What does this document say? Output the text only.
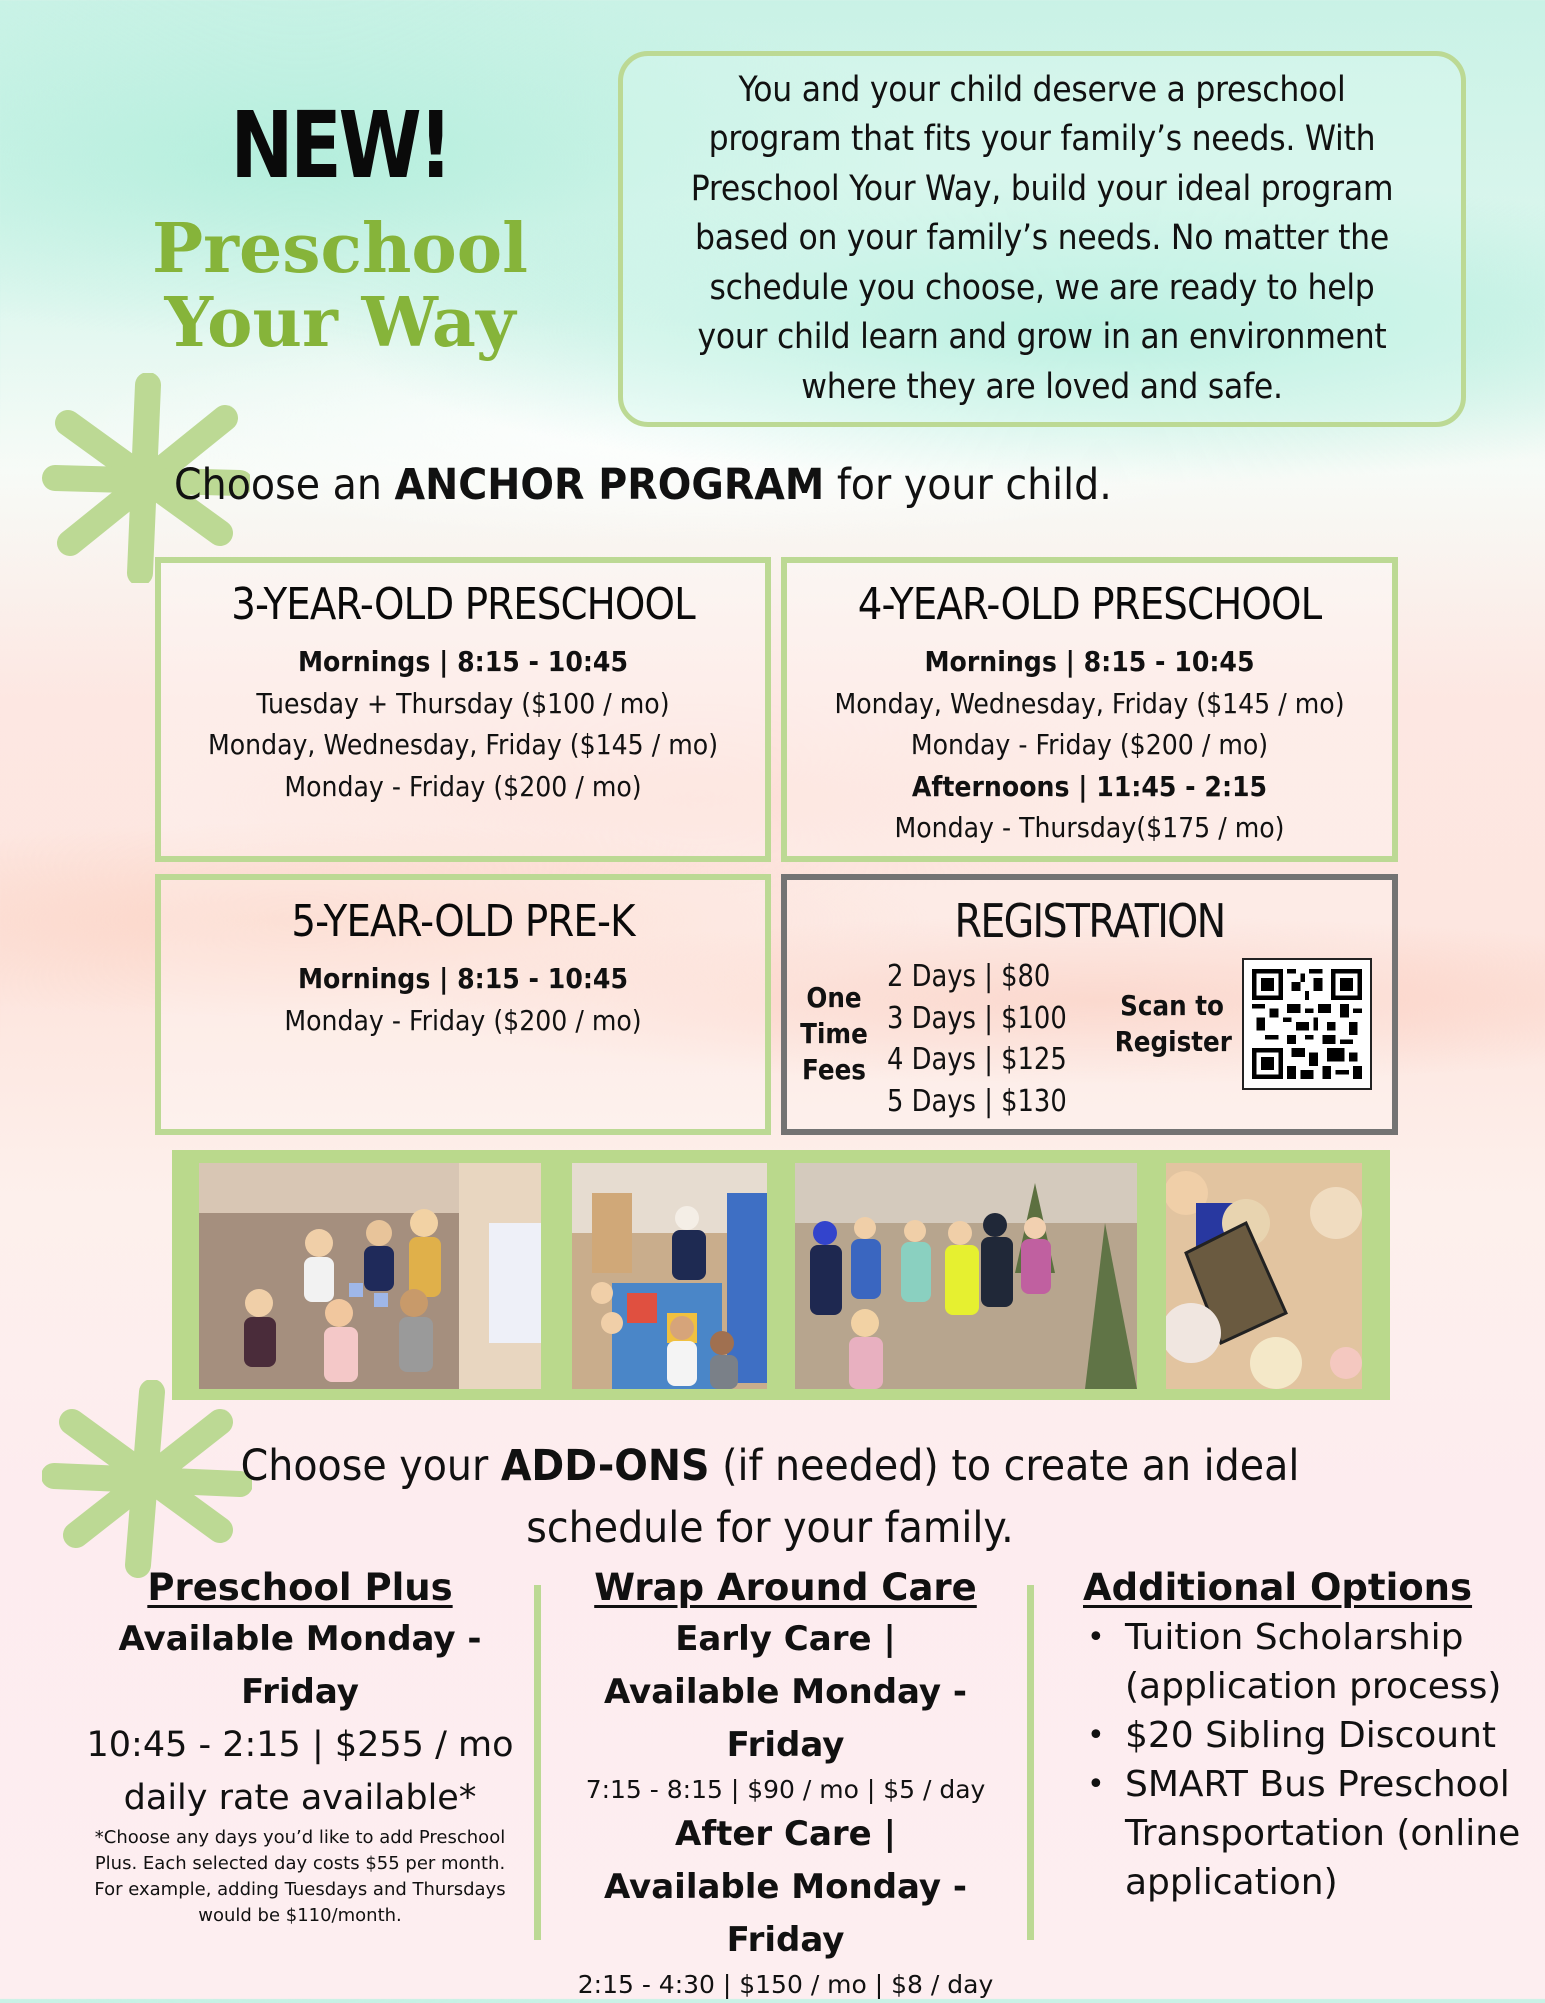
NEW!
Preschool
Your Way
You and your child deserve a preschool program that fits your family’s needs. With Preschool Your Way, build your ideal program based on your family’s needs. No matter the schedule you choose, we are ready to help your child learn and grow in an environment where they are loved and safe.
Choose an ANCHOR PROGRAM for your child.
3-YEAR-OLD PRESCHOOL
Mornings | 8:15 - 10:45
Tuesday + Thursday ($100 / mo)
Monday, Wednesday, Friday ($145 / mo)
Monday - Friday ($200 / mo)
4-YEAR-OLD PRESCHOOL
Mornings | 8:15 - 10:45
Monday, Wednesday, Friday ($145 / mo)
Monday - Friday ($200 / mo)
Afternoons | 11:45 - 2:15
Monday - Thursday($175 / mo)
5-YEAR-OLD PRE-K
Mornings | 8:15 - 10:45
Monday - Friday ($200 / mo)
REGISTRATION
One Time Fees
2 Days | $80
3 Days | $100
4 Days | $125
5 Days | $130
Scan to Register
Choose your ADD-ONS (if needed) to create an ideal schedule for your family.
Preschool Plus
Available Monday - Friday
10:45 - 2:15 | $255 / mo
daily rate available*
*Choose any days you’d like to add Preschool Plus. Each selected day costs $55 per month. For example, adding Tuesdays and Thursdays would be $110/month.
Wrap Around Care
Early Care | Available Monday - Friday
7:15 - 8:15 | $90 / mo | $5 / day
After Care | Available Monday - Friday
2:15 - 4:30 | $150 / mo | $8 / day
Additional Options
• Tuition Scholarship (application process)
• $20 Sibling Discount
• SMART Bus Preschool Transportation (online application)
